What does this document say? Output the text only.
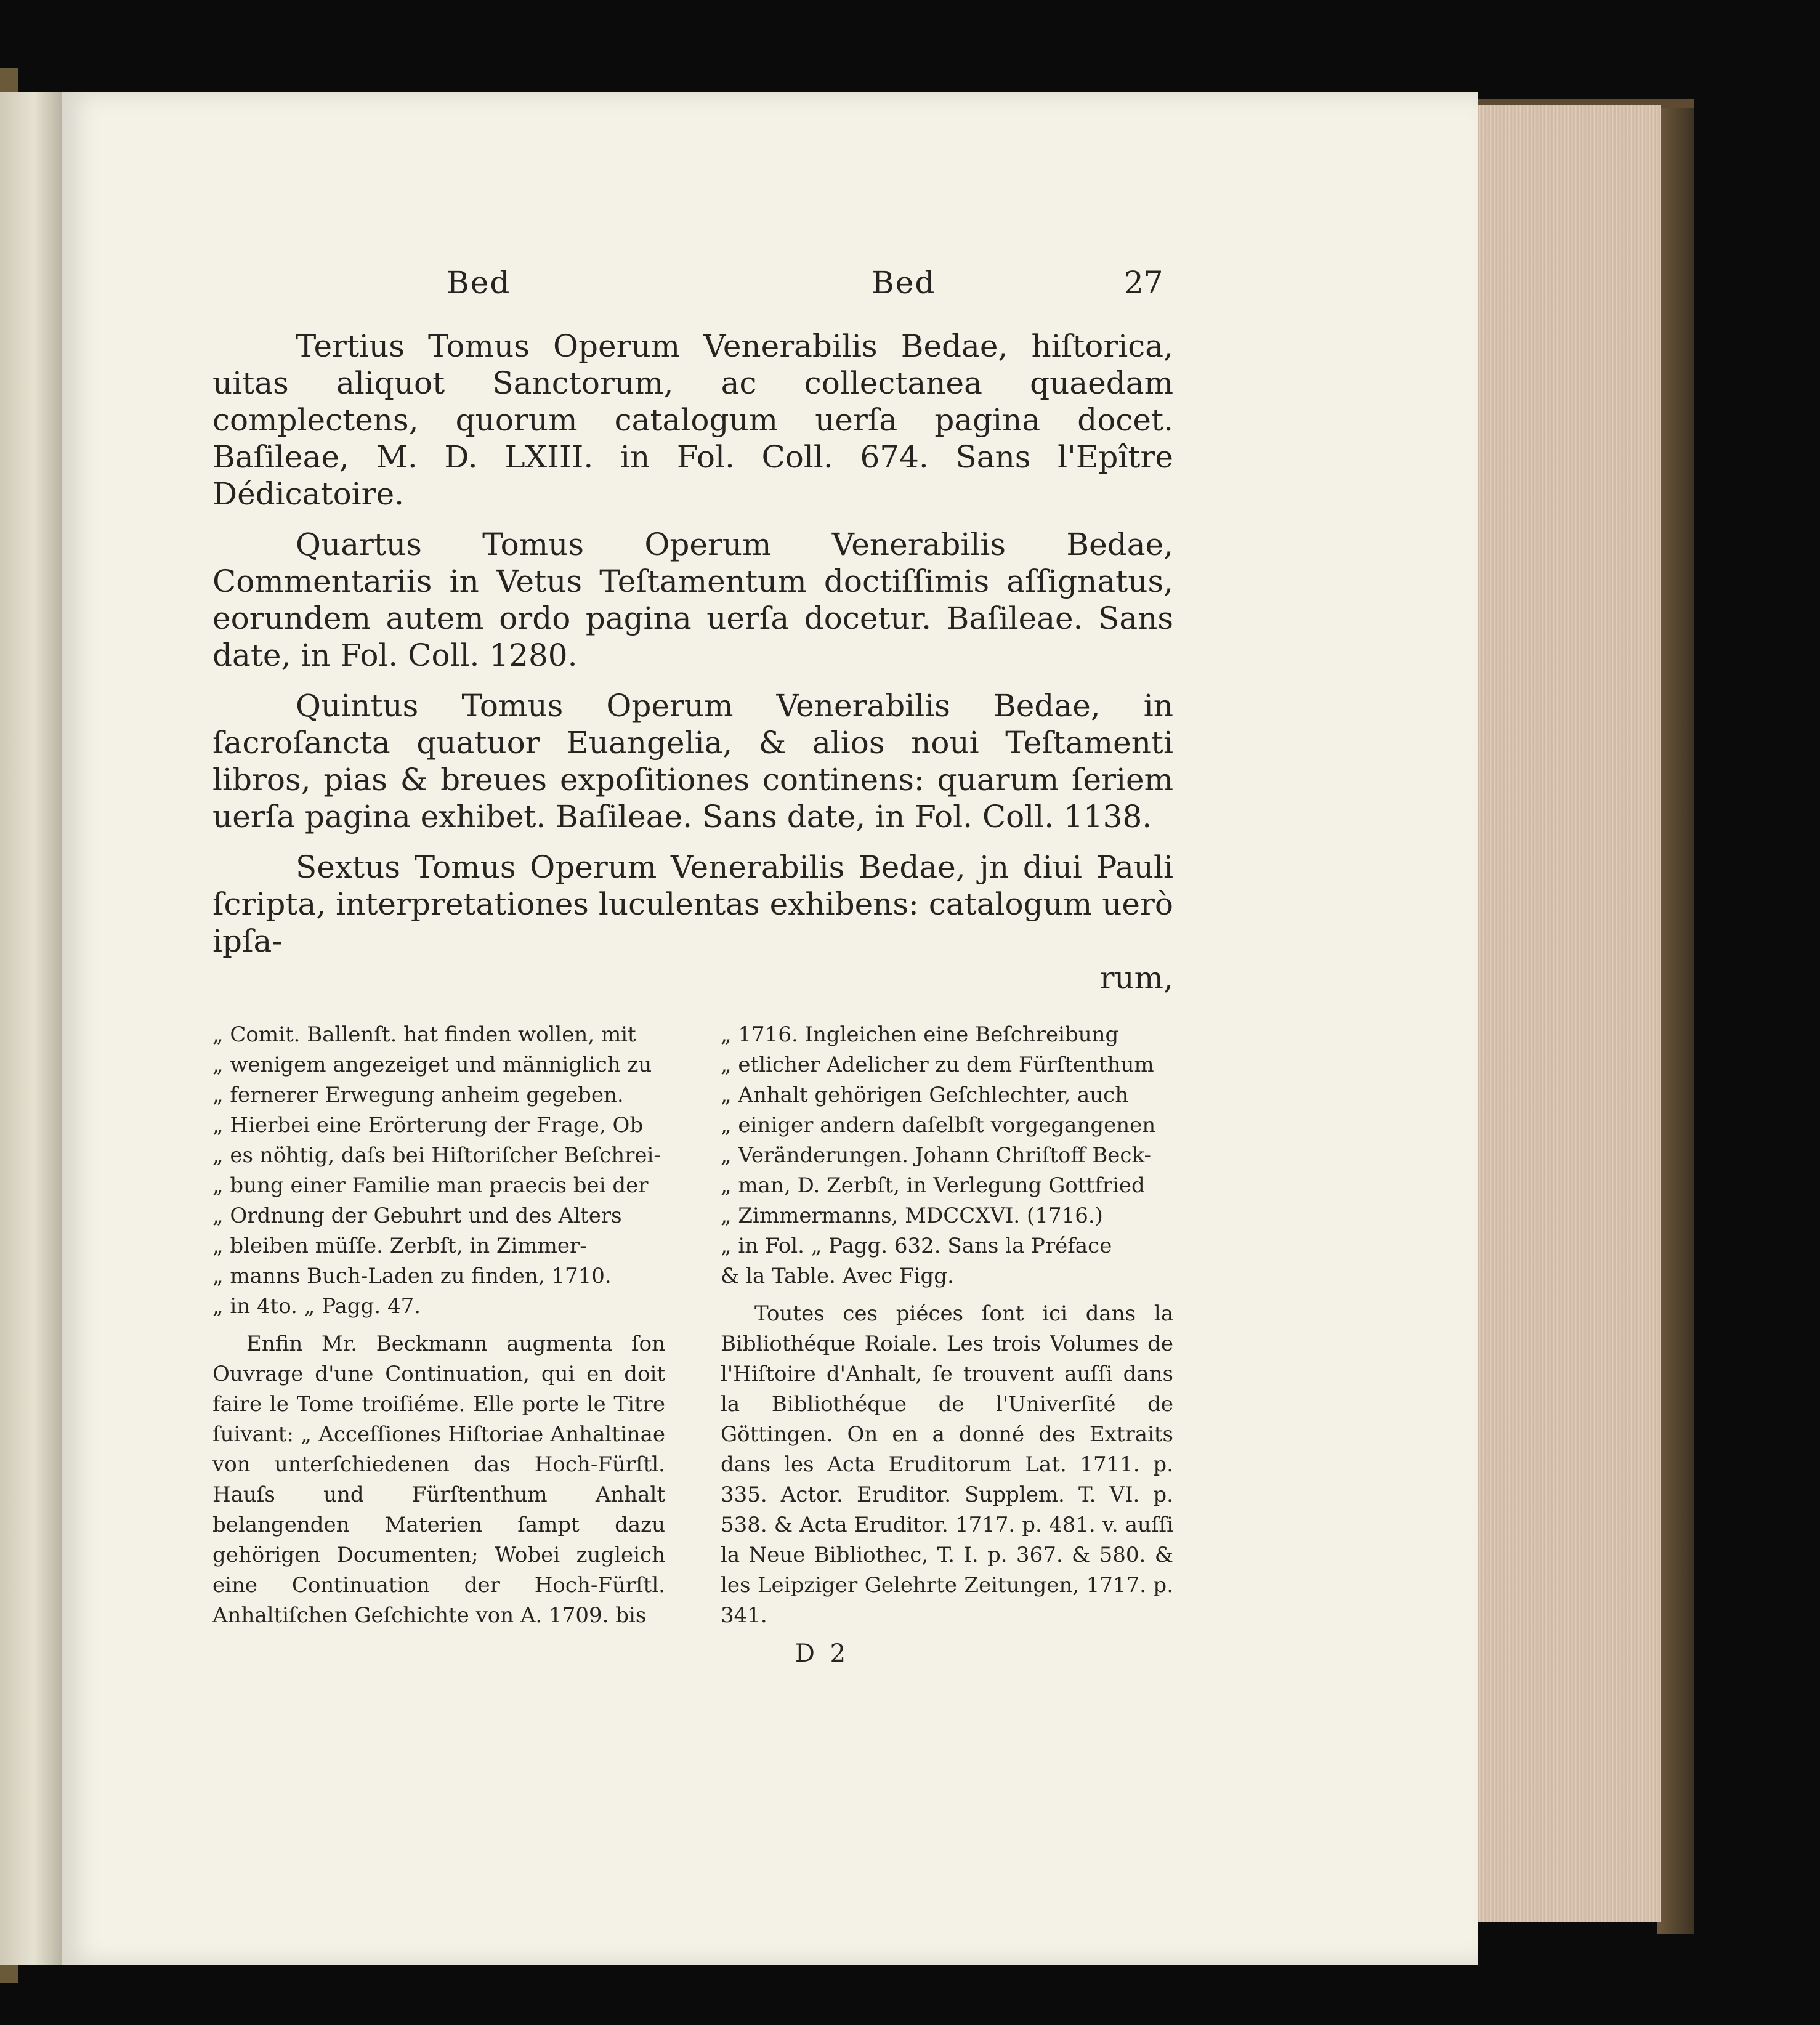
Bed	Bed	27

Tertius Tomus Operum Venerabilis Bedae, hiſtorica, uitas aliquot Sanctorum, ac collectanea quaedam complectens, quorum catalogum uerſa pagina docet. Baſileae, M. D. LXIII. in Fol. Coll. 674. Sans l'Epître Dédicatoire.

Quartus Tomus Operum Venerabilis Bedae, Commentariis in Vetus Teſtamentum doctiſſimis aſſignatus, eorundem autem ordo pagina uerſa docetur. Baſileae. Sans date, in Fol. Coll. 1280.

Quintus Tomus Operum Venerabilis Bedae, in ſacroſancta quatuor Euangelia, & alios noui Teſtamenti libros, pias & breues expoſitiones continens: quarum ſeriem uerſa pagina exhibet. Baſileae. Sans date, in Fol. Coll. 1138.

Sextus Tomus Operum Venerabilis Bedae, jn diui Pauli ſcripta, interpretationes luculentas exhibens: catalogum uerò ipſa-

rum,

„ Comit. Ballenſt. hat finden wollen, mit
„ wenigem angezeiget und männiglich zu
„ fernerer Erwegung anheim gegeben.
„ Hierbei eine Erörterung der Frage, Ob
„ es nöhtig, daſs bei Hiſtoriſcher Beſchrei-
„ bung einer Familie man praecis bei der
„ Ordnung der Gebuhrt und des Alters
„ bleiben müſſe. Zerbſt, in Zimmer-
„ manns Buch-Laden zu finden, 1710.
„ in 4to. „ Pagg. 47.

Enfin Mr. Beckmann augmenta ſon Ouvrage d'une Continuation, qui en doit faire le Tome troiſiéme. Elle porte le Titre ſuivant: „ Acceſſiones Hiſtoriae Anhaltinae von unterſchiedenen das Hoch-Fürſtl. Hauſs und Fürſtenthum Anhalt belangenden Materien ſampt dazu gehörigen Documenten; Wobei zugleich eine Continuation der Hoch-Fürſtl. Anhaltiſchen Geſchichte von A. 1709. bis

„ 1716. Ingleichen eine Beſchreibung
„ etlicher Adelicher zu dem Fürſtenthum
„ Anhalt gehörigen Geſchlechter, auch
„ einiger andern daſelbſt vorgegangenen
„ Veränderungen. Johann Chriſtoff Beck-
„ man, D. Zerbſt, in Verlegung Gottfried
„ Zimmermanns, MDCCXVI. (1716.)
„ in Fol. „ Pagg. 632. Sans la Préface
& la Table. Avec Figg.

Toutes ces piéces ſont ici dans la Bibliothéque Roiale. Les trois Volumes de l'Hiſtoire d'Anhalt, ſe trouvent auſſi dans la Bibliothéque de l'Univerſité de Göttingen. On en a donné des Extraits dans les Acta Eruditorum Lat. 1711. p. 335. Actor. Eruditor. Supplem. T. VI. p. 538. & Acta Eruditor. 1717. p. 481. v. auſſi la Neue Bibliothec, T. I. p. 367. & 580. & les Leipziger Gelehrte Zeitungen, 1717. p. 341.

D 2
